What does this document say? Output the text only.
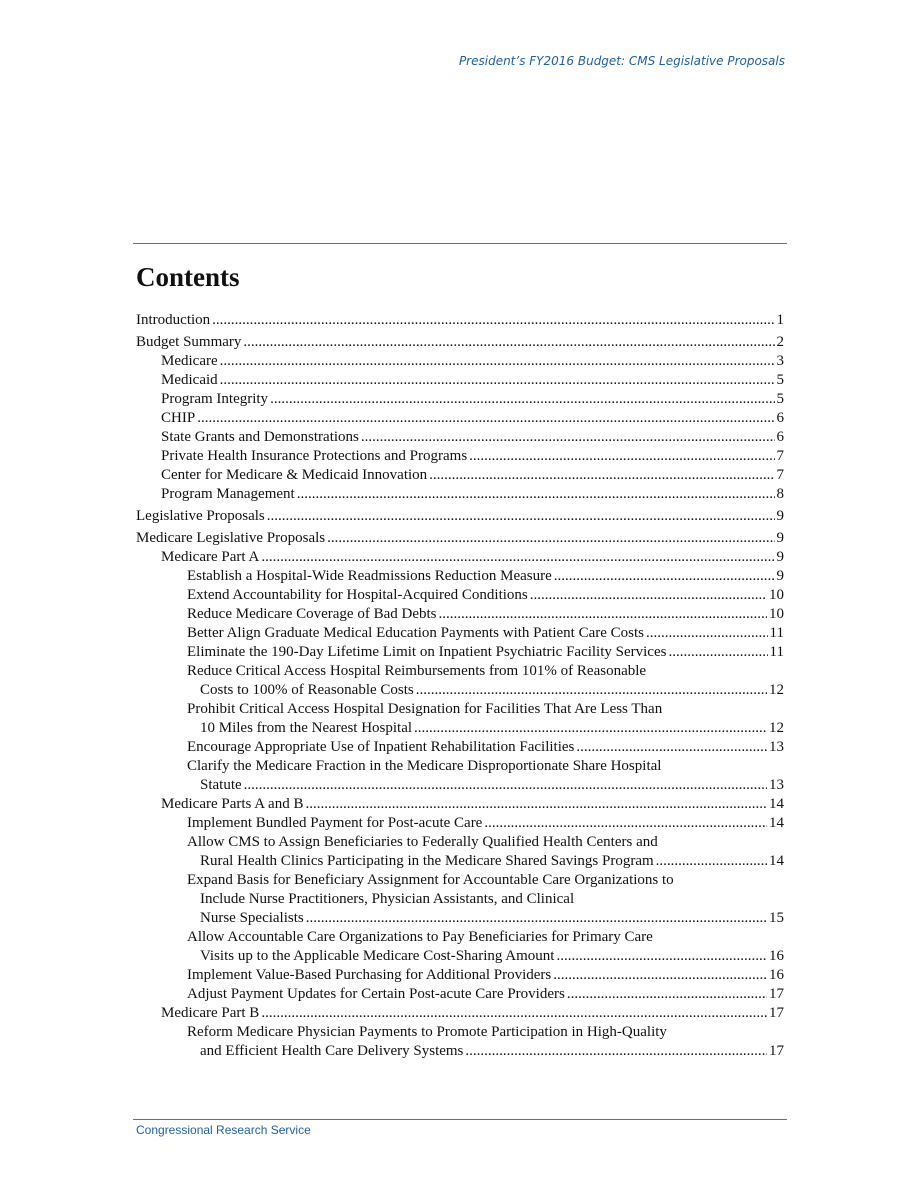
President’s FY2016 Budget: CMS Legislative Proposals
Contents
Introduction .....	1
Budget Summary .....	2
Medicare .....	3
Medicaid .....	5
Program Integrity .....	5
CHIP .....	6
State Grants and Demonstrations .....	6
Private Health Insurance Protections and Programs .....	7
Center for Medicare & Medicaid Innovation .....	7
Program Management .....	8
Legislative Proposals .....	9
Medicare Legislative Proposals .....	9
Medicare Part A .....	9
Establish a Hospital-Wide Readmissions Reduction Measure .....	9
Extend Accountability for Hospital-Acquired Conditions .....	10
Reduce Medicare Coverage of Bad Debts .....	10
Better Align Graduate Medical Education Payments with Patient Care Costs .....	11
Eliminate the 190-Day Lifetime Limit on Inpatient Psychiatric Facility Services .....	11
Reduce Critical Access Hospital Reimbursements from 101% of Reasonable
Costs to 100% of Reasonable Costs .....	12
Prohibit Critical Access Hospital Designation for Facilities That Are Less Than
10 Miles from the Nearest Hospital .....	12
Encourage Appropriate Use of Inpatient Rehabilitation Facilities .....	13
Clarify the Medicare Fraction in the Medicare Disproportionate Share Hospital
Statute .....	13
Medicare Parts A and B .....	14
Implement Bundled Payment for Post-acute Care .....	14
Allow CMS to Assign Beneficiaries to Federally Qualified Health Centers and
Rural Health Clinics Participating in the Medicare Shared Savings Program .....	14
Expand Basis for Beneficiary Assignment for Accountable Care Organizations to
Include Nurse Practitioners, Physician Assistants, and Clinical
Nurse Specialists .....	15
Allow Accountable Care Organizations to Pay Beneficiaries for Primary Care
Visits up to the Applicable Medicare Cost-Sharing Amount .....	16
Implement Value-Based Purchasing for Additional Providers .....	16
Adjust Payment Updates for Certain Post-acute Care Providers .....	17
Medicare Part B .....	17
Reform Medicare Physician Payments to Promote Participation in High-Quality
and Efficient Health Care Delivery Systems .....	17
Congressional Research Service
